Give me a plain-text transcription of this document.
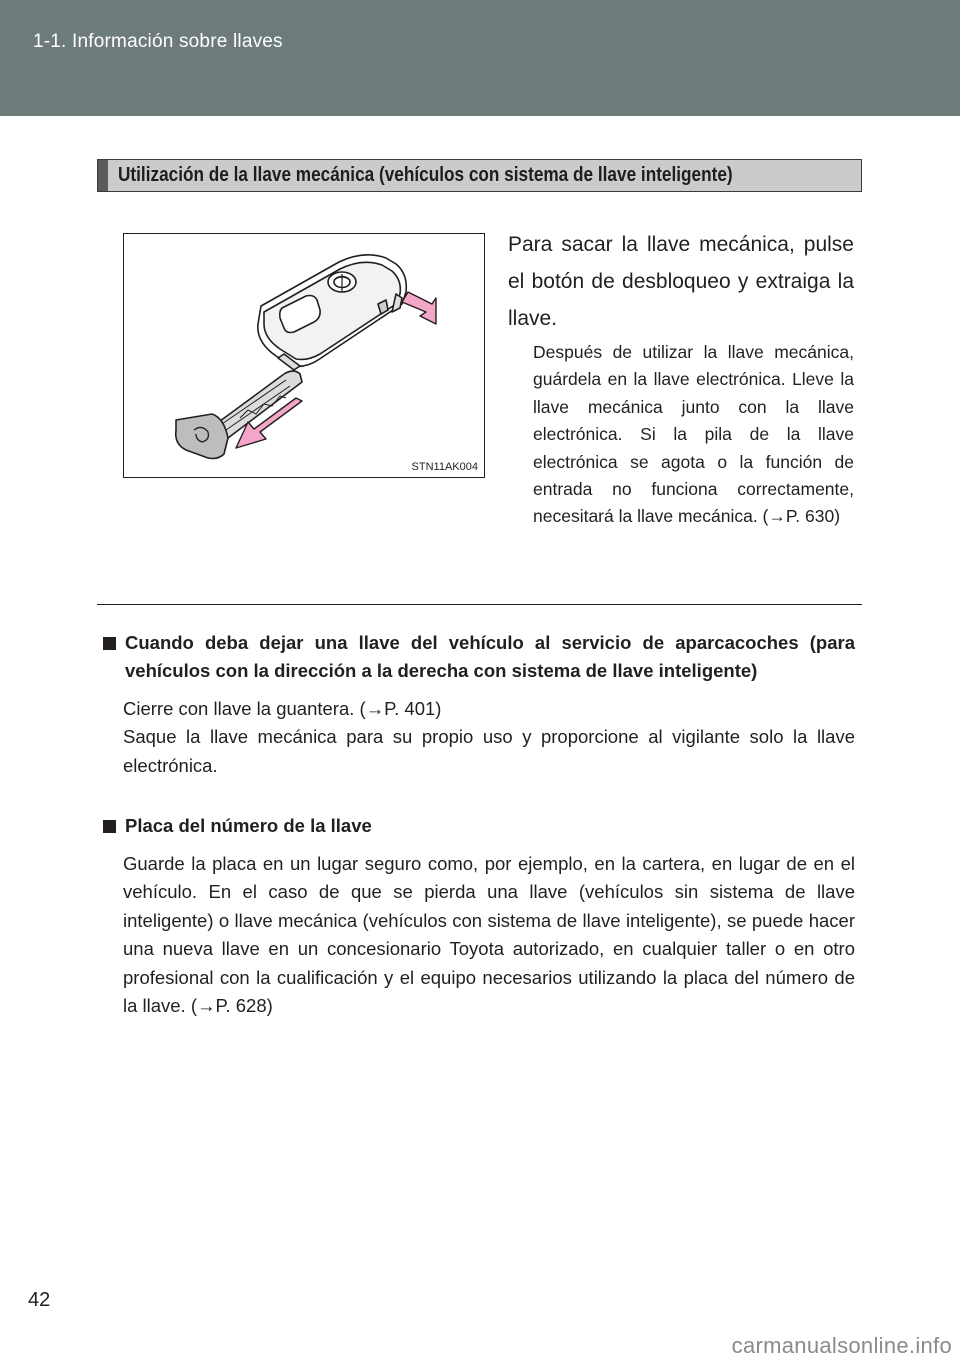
1-1. Información sobre llaves
Utilización de la llave mecánica (vehículos con sistema de llave inteligente)
STN11AK004
Para sacar la llave mecánica, pulse el botón de desbloqueo y extraiga la llave.
Después de utilizar la llave mecánica, guárdela en la llave electrónica. Lleve la llave mecánica junto con la llave electrónica. Si la pila de la llave electrónica se agota o la función de entrada no funciona correctamente, necesitará la llave mecánica. (→P. 630)
Cuando deba dejar una llave del vehículo al servicio de aparcacoches (para vehículos con la dirección a la derecha con sistema de llave inteligente)

Cierre con llave la guantera. (→P. 401)

Saque la llave mecánica para su propio uso y proporcione al vigilante solo la llave electrónica.

Placa del número de la llave

Guarde la placa en un lugar seguro como, por ejemplo, en la cartera, en lugar de en el vehículo. En el caso de que se pierda una llave (vehículos sin sistema de llave inteligente) o llave mecánica (vehículos con sistema de llave inteligente), se puede hacer una nueva llave en un concesionario Toyota autorizado, en cualquier taller o en otro profesional con la cualificación y el equipo necesarios utilizando la placa del número de la llave. (→P. 628)

42
carmanualsonline.info
